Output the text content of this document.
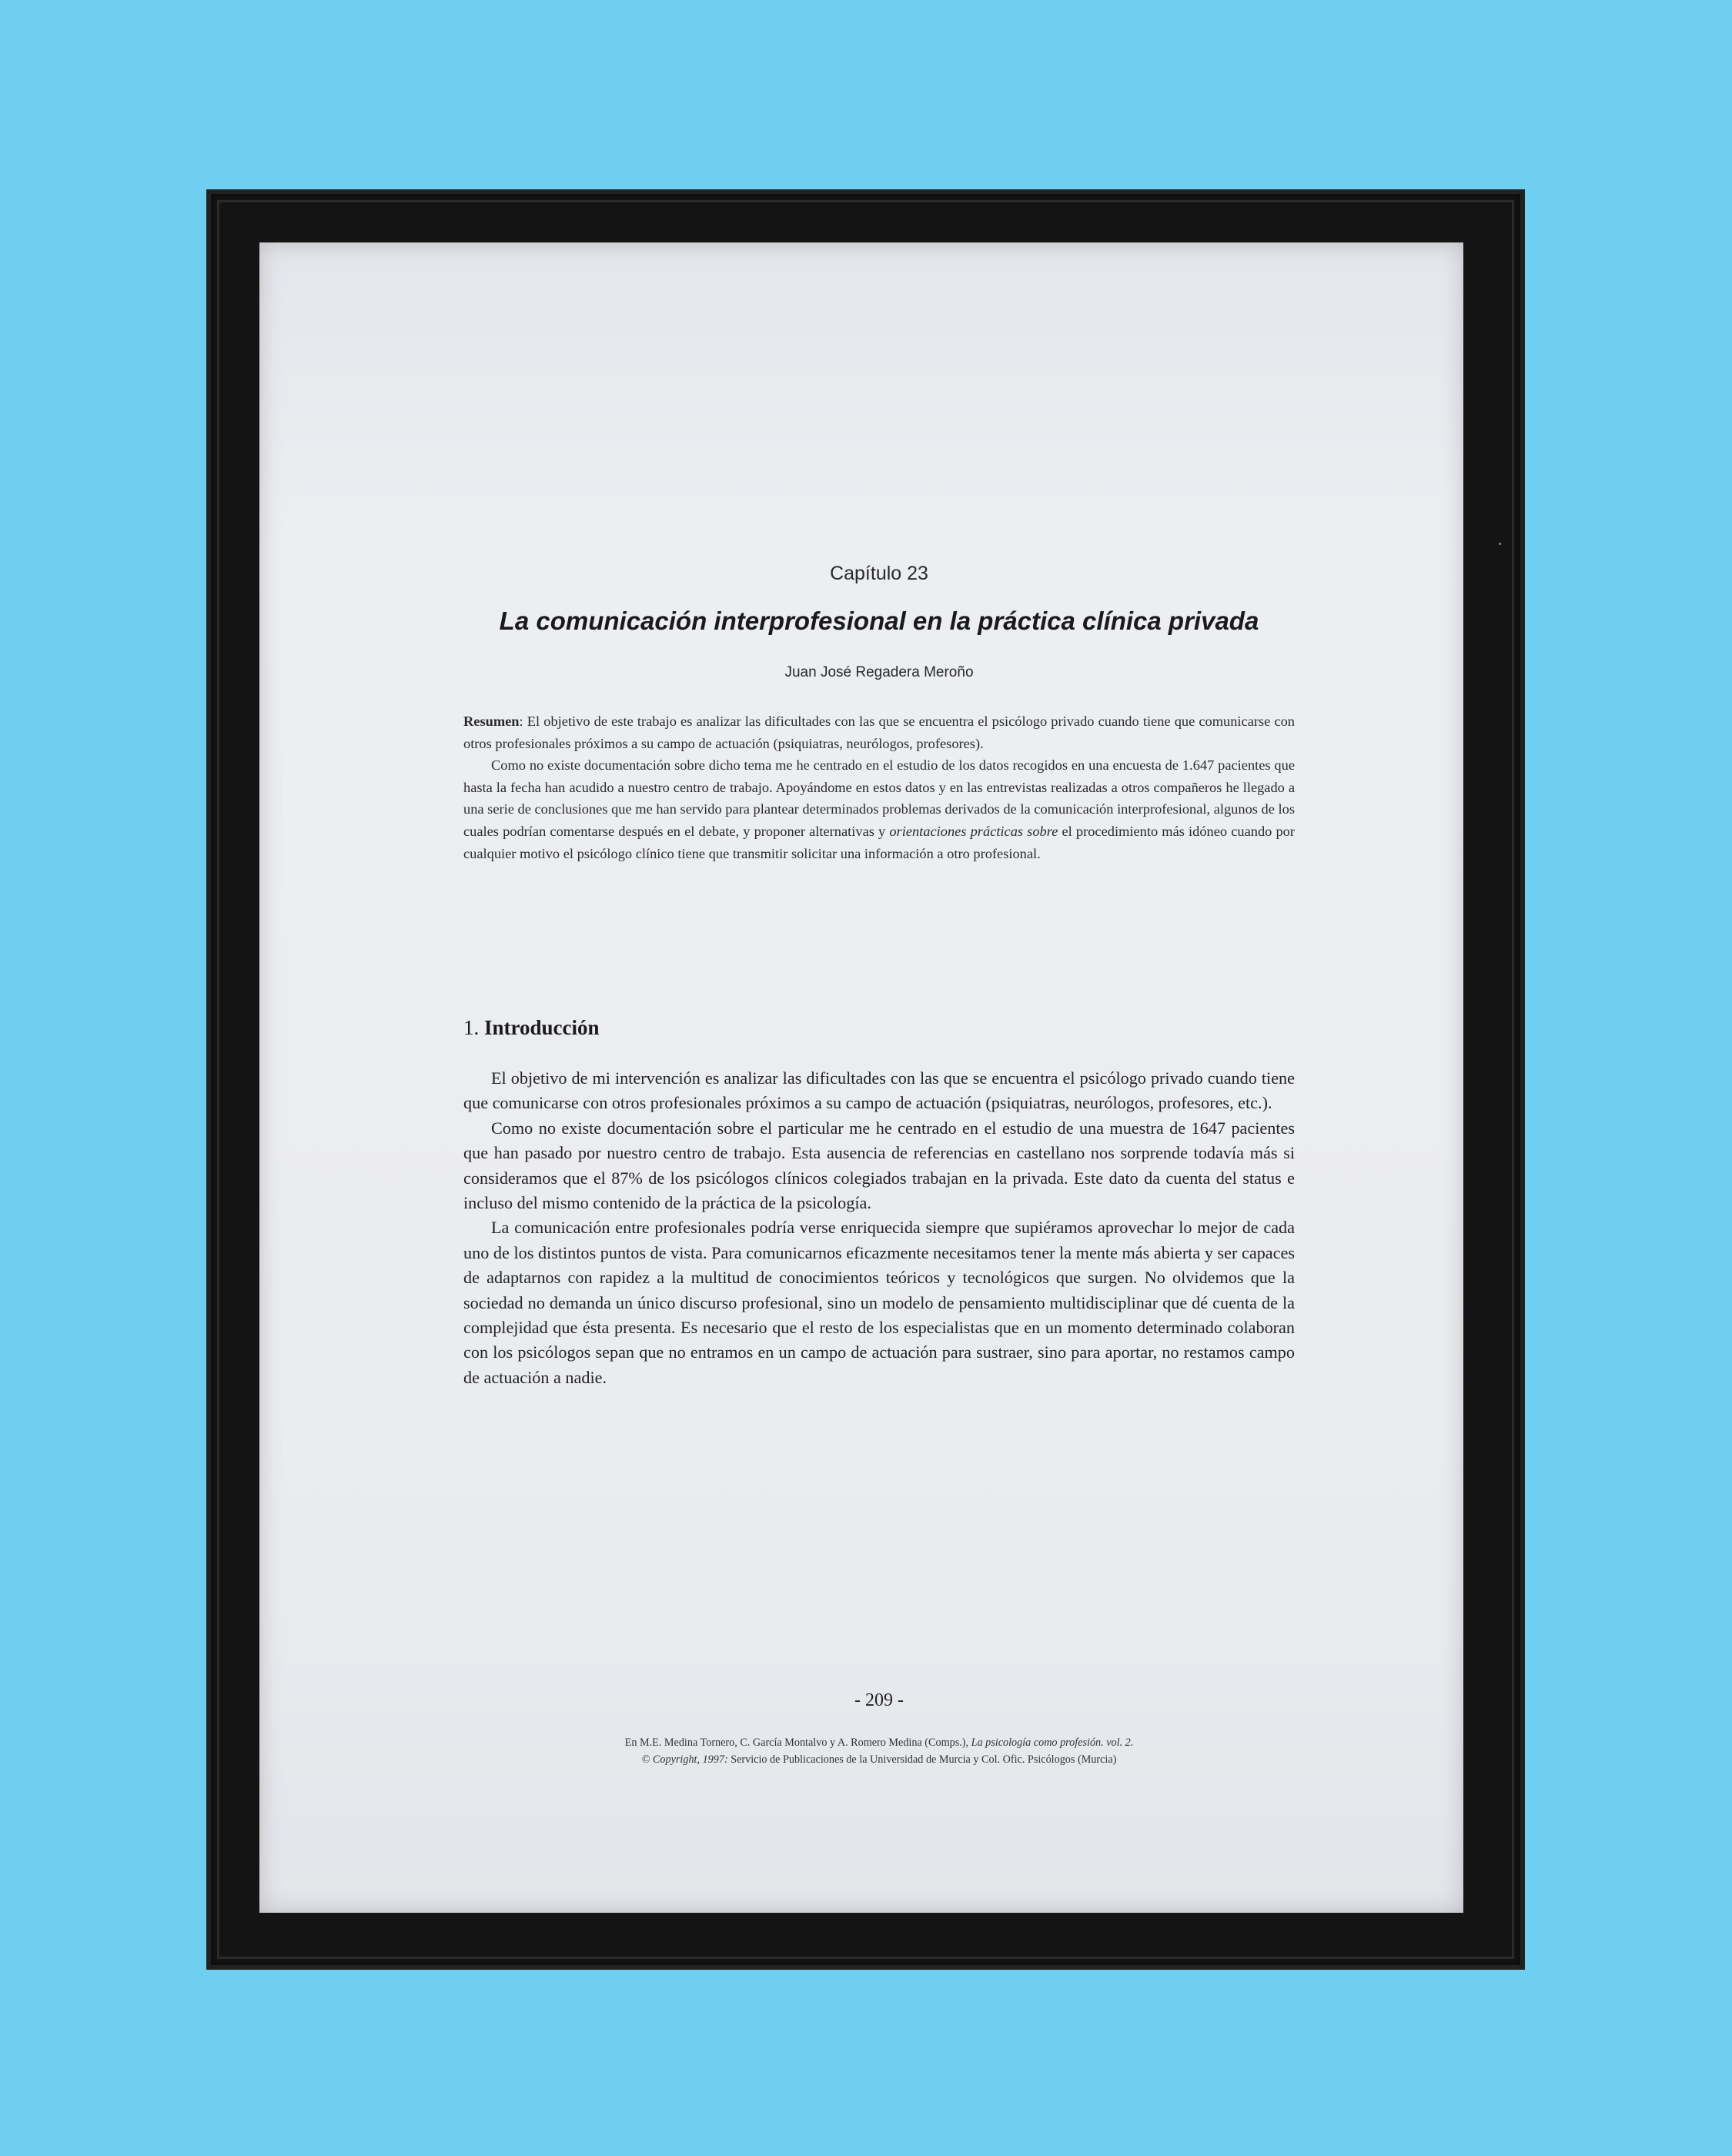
Capítulo 23
La comunicación interprofesional en la práctica clínica privada
Juan José Regadera Meroño

Resumen: El objetivo de este trabajo es analizar las dificultades con las que se encuentra el psicólogo privado cuando tiene que comunicarse con otros profesionales próximos a su campo de actuación (psiquiatras, neurólogos, profesores).

Como no existe documentación sobre dicho tema me he centrado en el estudio de los datos recogidos en una encuesta de 1.647 pacientes que hasta la fecha han acudido a nuestro centro de trabajo. Apoyándome en estos datos y en las entrevistas realizadas a otros compañeros he llegado a una serie de conclusiones que me han servido para plantear determinados problemas derivados de la comunicación interprofesional, algunos de los cuales podrían comentarse después en el debate, y proponer alternativas y orientaciones prácticas sobre el procedimiento más idóneo cuando por cualquier motivo el psicólogo clínico tiene que transmitir solicitar una información a otro profesional.

1. Introducción

El objetivo de mi intervención es analizar las dificultades con las que se encuentra el psicólogo privado cuando tiene que comunicarse con otros profesionales próximos a su campo de actuación (psiquiatras, neurólogos, profesores, etc.).

Como no existe documentación sobre el particular me he centrado en el estudio de una muestra de 1647 pacientes que han pasado por nuestro centro de trabajo. Esta ausencia de referencias en castellano nos sorprende todavía más si consideramos que el 87% de los psicólogos clínicos colegiados trabajan en la privada. Este dato da cuenta del status e incluso del mismo contenido de la práctica de la psicología.

La comunicación entre profesionales podría verse enriquecida siempre que supiéramos aprovechar lo mejor de cada uno de los distintos puntos de vista. Para comunicarnos eficazmente necesitamos tener la mente más abierta y ser capaces de adaptarnos con rapidez a la multitud de conocimientos teóricos y tecnológicos que surgen. No olvidemos que la sociedad no demanda un único discurso profesional, sino un modelo de pensamiento multidisciplinar que dé cuenta de la complejidad que ésta presenta. Es necesario que el resto de los especialistas que en un momento determinado colaboran con los psicólogos sepan que no entramos en un campo de actuación para sustraer, sino para aportar, no restamos campo de actuación a nadie.

- 209 -
En M.E. Medina Tornero, C. García Montalvo y A. Romero Medina (Comps.), La psicología como profesión. vol. 2.
© Copyright, 1997: Servicio de Publicaciones de la Universidad de Murcia y Col. Ofic. Psicólogos (Murcia)
